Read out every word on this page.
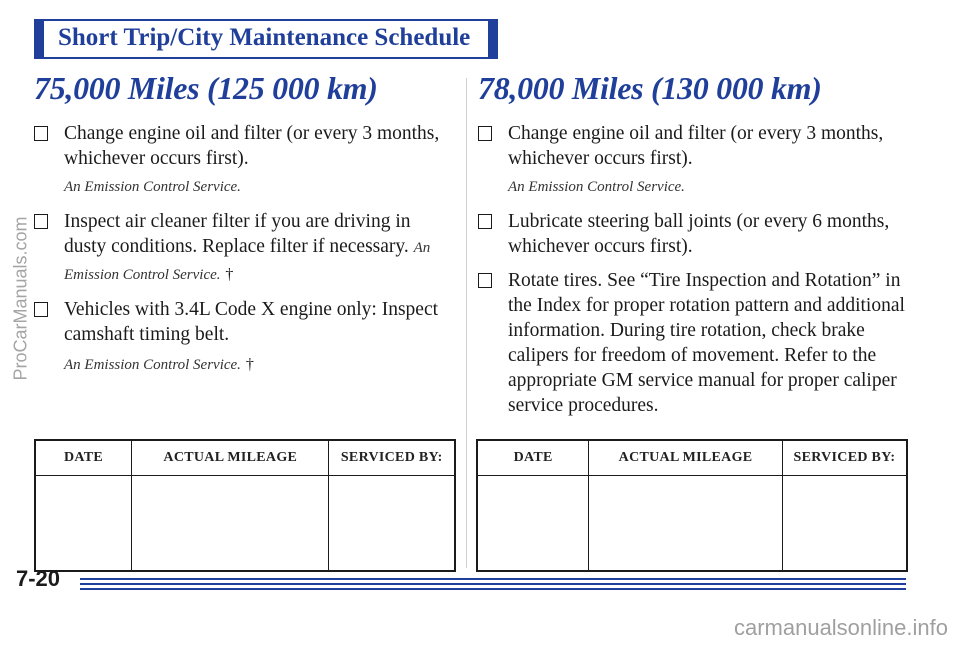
Short Trip/City Maintenance Schedule
75,000 Miles (125 000 km)
Change engine oil and filter (or every 3 months, whichever occurs first).
An Emission Control Service.
Inspect air cleaner filter if you are driving in dusty conditions. Replace filter if necessary. An Emission Control Service. †
Vehicles with 3.4L Code X engine only: Inspect camshaft timing belt.
An Emission Control Service. †
78,000 Miles (130 000 km)
Change engine oil and filter (or every 3 months, whichever occurs first).
An Emission Control Service.
Lubricate steering ball joints (or every 6 months, whichever occurs first).
Rotate tires. See “Tire Inspection and Rotation” in the Index for proper rotation pattern and additional information. During tire rotation, check brake calipers for freedom of movement. Refer to the appropriate GM service manual for proper caliper service procedures.
DATE	ACTUAL MILEAGE	SERVICED BY:
			DATE	ACTUAL MILEAGE	SERVICED BY:

7-20
ProCarManuals.com
carmanualsonline.info
